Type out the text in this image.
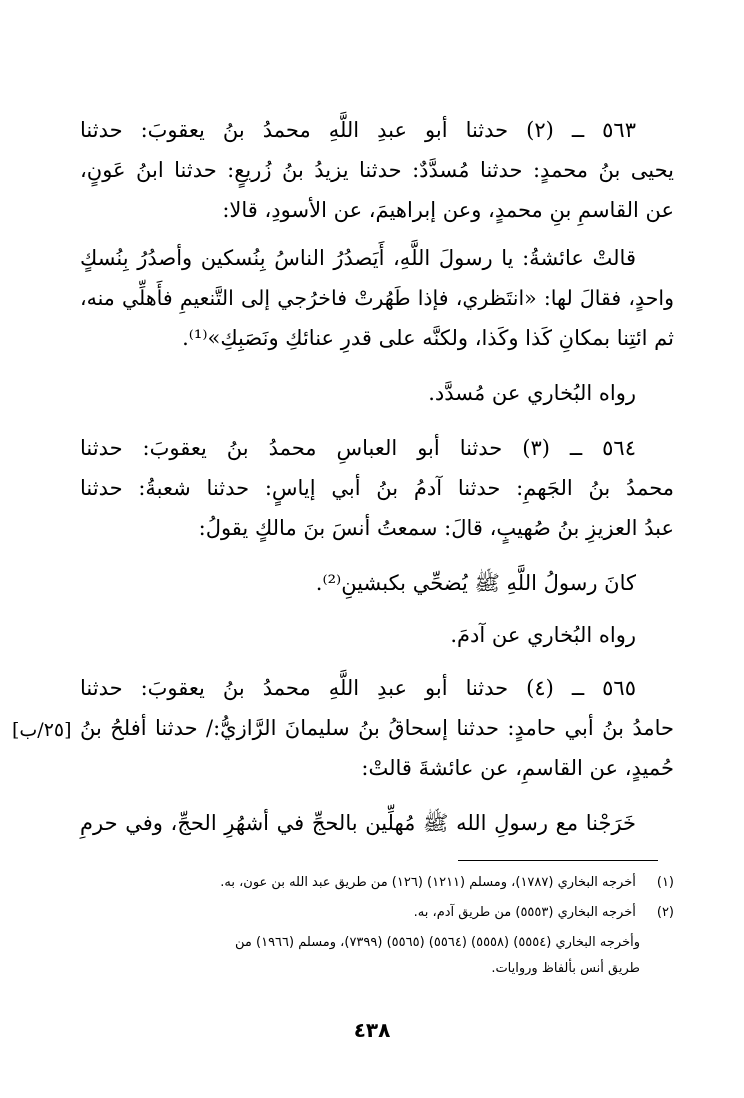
٥٦٣ ــ (٢) حدثنا أبو عبدِ اللَّهِ محمدُ بنُ يعقوبَ: حدثنا
يحيى بنُ محمدٍ: حدثنا مُسدَّدٌ: حدثنا يزيدُ بنُ زُريعٍ: حدثنا ابنُ عَونٍ،
عن القاسمِ بنِ محمدٍ، وعن إبراهيمَ، عن الأسودِ، قالا:
قالتْ عائشةُ: يا رسولَ اللَّهِ، أَيَصدُرُ الناسُ بِنُسكين وأصدُرُ بِنُسكٍ
واحدٍ، فقالَ لها: «انتَظري، فإذا طَهُرتْ فاخرُجي إلى التَّنعيمِ فأَهلِّي منه،
ثم ائتِنا بمكانِ كَذا وكَذا، ولكنَّه على قدرِ عنائكِ ونَصَبِكِ»⁽¹⁾.
رواه البُخاري عن مُسدَّد.
٥٦٤ ــ (٣) حدثنا أبو العباسِ محمدُ بنُ يعقوبَ: حدثنا
محمدُ بنُ الجَهمِ: حدثنا آدمُ بنُ أبي إياسٍ: حدثنا شعبةُ: حدثنا
عبدُ العزيزِ بنُ صُهيبٍ، قالَ: سمعتُ أنسَ بنَ مالكٍ يقولُ:
كانَ رسولُ اللَّهِ ﷺ يُضحِّي بكبشينِ⁽²⁾.
رواه البُخاري عن آدمَ.
٥٦٥ ــ (٤) حدثنا أبو عبدِ اللَّهِ محمدُ بنُ يعقوبَ: حدثنا
حامدُ بنُ أبي حامدٍ: حدثنا إسحاقُ بنُ سليمانَ الرَّازيُّ:/ حدثنا أفلحُ بنُ
حُميدٍ، عن القاسمِ، عن عائشةَ قالتْ:
خَرَجْنا مع رسولِ الله ﷺ مُهلِّين بالحجِّ في أشهُرِ الحجِّ، وفي حرمِ
[٢٥/ب]
(١) أخرجه البخاري (١٧٨٧)، ومسلم (١٢١١) (١٢٦) من طريق عبد الله بن عون، به.
(٢) أخرجه البخاري (٥٥٥٣) من طريق آدم، به.
وأخرجه البخاري (٥٥٥٤) (٥٥٥٨) (٥٥٦٤) (٥٥٦٥) (٧٣٩٩)، ومسلم (١٩٦٦) من
طريق أنس بألفاظ وروايات.
٤٣٨
